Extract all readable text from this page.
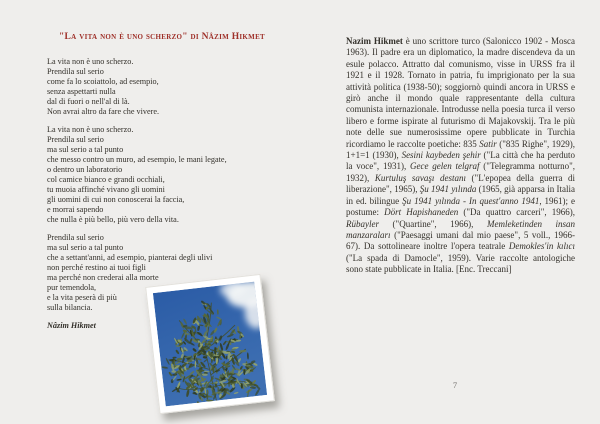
"La vita non è uno scherzo" di Nâzim Hikmet
La vita non è uno scherzo.
Prendila sul serio
come fa lo scoiattolo, ad esempio,
senza aspettarti nulla
dal di fuori o nell'al di là.
Non avrai altro da fare che vivere.
La vita non è uno scherzo.
Prendila sul serio
ma sul serio a tal punto
che messo contro un muro, ad esempio, le mani legate,
o dentro un laboratorio
col camice bianco e grandi occhiali,
tu muoia affinché vivano gli uomini
gli uomini di cui non conoscerai la faccia,
e morrai sapendo
che nulla è più bello, più vero della vita.
Prendila sul serio
ma sul serio a tal punto
che a settant'anni, ad esempio, pianterai degli ulivi
non perché restino ai tuoi figli
ma perché non crederai alla morte
pur temendola,
e la vita peserà di più
sulla bilancia.
Nâzim Hikmet

Nazim Hikmet è uno scrittore turco (Salonicco 1902 - Mosca 1963). Il padre era un diplomatico, la madre discendeva da un esule polacco. Attratto dal comunismo, visse in URSS fra il 1921 e il 1928. Tornato in patria, fu imprigionato per la sua attività politica (1938-50); soggiornò quindi ancora in URSS e girò anche il mondo quale rappresentante della cultura comunista internazionale. Introdusse nella poesia turca il verso libero e forme ispirate al futurismo di Majakovskij. Tra le più note delle sue numerosissime opere pubblicate in Turchia ricordiamo le raccolte poetiche: 835 Satir ("835 Righe", 1929), 1+1=1 (1930), Sesini kaybeden şehir ("La città che ha perduto la voce", 1931), Gece gelen telgraf ("Telegramma notturno", 1932), Kurtuluş savaşı destanı ("L'epopea della guerra di liberazione", 1965), Şu 1941 yılında (1965, già apparsa in Italia in ed. bilingue Şu 1941 yılında - In quest'anno 1941, 1961); e postume: Dört Hapishaneden ("Da quattro carceri", 1966), Rübayler ("Quartine", 1966), Memleketinden insan manzaraları ("Paesaggi umani dal mio paese", 5 voll., 1966-67). Da sottolineare inoltre l'opera teatrale Demokles'in kılıcı ("La spada di Damocle", 1959). Varie raccolte antologiche sono state pubblicate in Italia. [Enc. Treccani]

7
